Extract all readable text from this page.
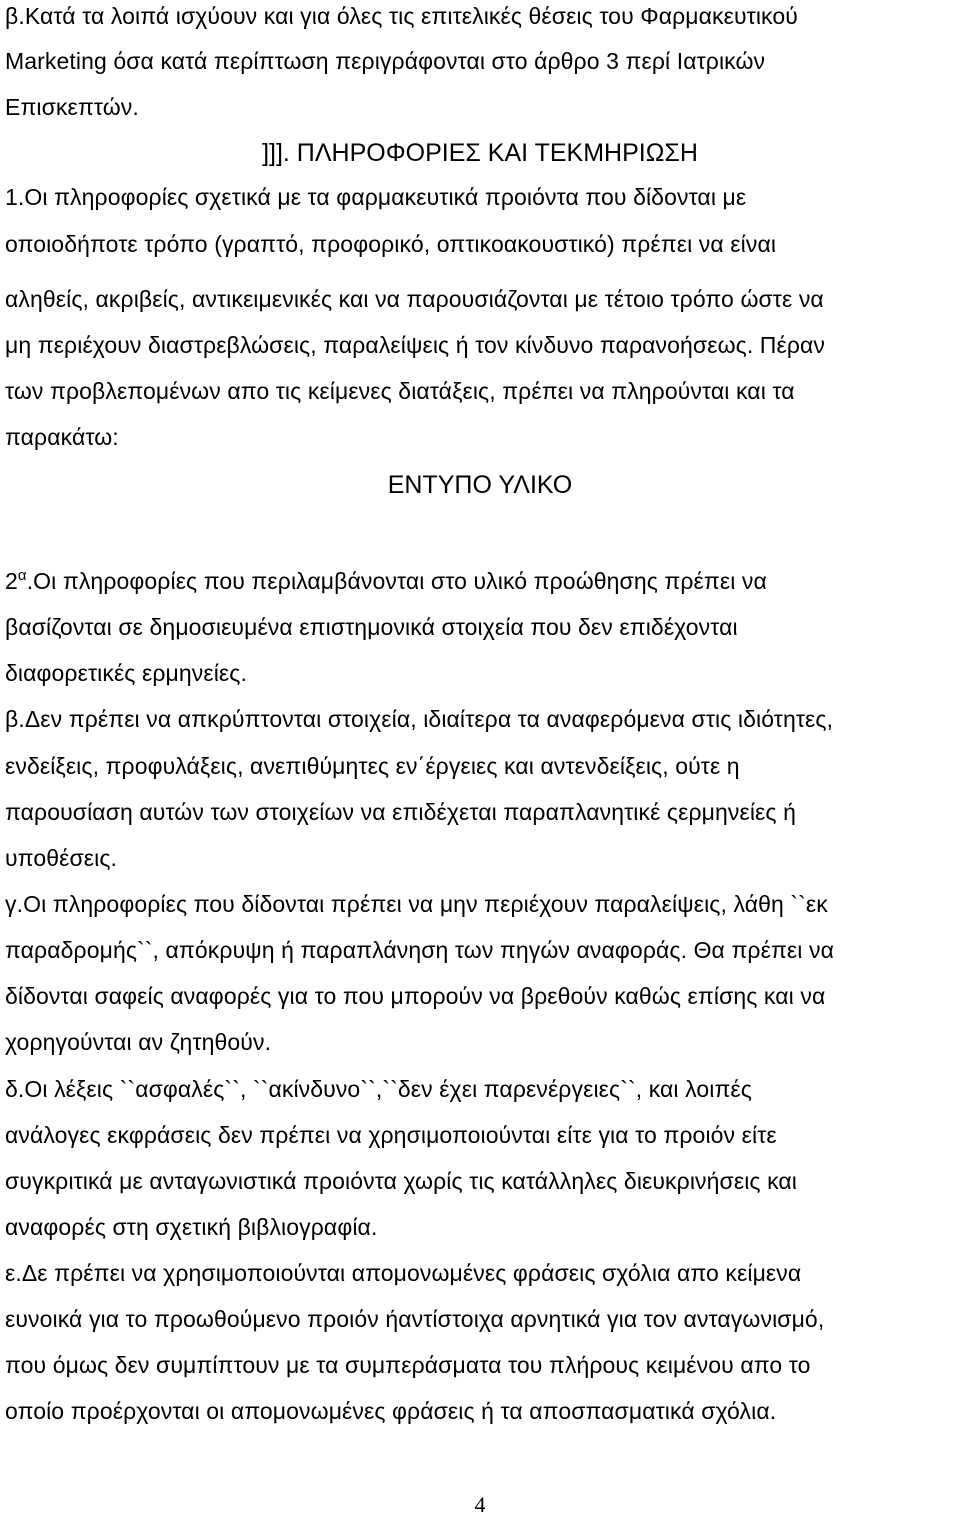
β.Κατά τα λοιπά ισχύουν και για όλες τις επιτελικές θέσεις του Φαρμακευτικού
Marketing όσα κατά περίπτωση περιγράφονται στο άρθρο 3 περί Ιατρικών
Επισκεπτών.
]]]. ΠΛΗΡΟΦΟΡΙΕΣ ΚΑΙ ΤΕΚΜΗΡΙΩΣΗ
1.Οι πληροφορίες σχετικά με τα φαρμακευτικά προιόντα που δίδονται με
οποιοδήποτε τρόπο (γραπτό, προφορικό, οπτικοακουστικό) πρέπει να είναι
αληθείς, ακριβείς, αντικειμενικές και να παρουσιάζονται με τέτοιο τρόπο ώστε να
μη περιέχουν διαστρεβλώσεις, παραλείψεις ή τον κίνδυνο παρανοήσεως. Πέραν
των προβλεπομένων απο τις κείμενες διατάξεις, πρέπει να πληρούνται και τα
παρακάτω:
ΕΝΤΥΠΟ ΥΛΙΚΟ
$2^\alpha.O\iota$ πληροφορίες που περιλαμβάνονται στο υλικό προώθησης πρέπει να
βασίζονται σε δημοσιευμένα επιστημονικά στοιχεία που δεν επιδέχονται
διαφορετικές ερμηνείες.
β.Δεν πρέπει να απκρύπτονται στοιχεία, ιδιαίτερα τα αναφερόμενα στις ιδιότητες,
ενδείξεις, προφυλάξεις, ανεπιθύμητες εν΄έργειες και αντενδείξεις, ούτε η
παρουσίαση αυτών των στοιχείων να επιδέχεται παραπλανητικέ ςερμηνείες ή
υποθέσεις.
γ.Οι πληροφορίες που δίδονται πρέπει να μην περιέχουν παραλείψεις, λάθη ``εκ
παραδρομής``, απόκρυψη ή παραπλάνηση των πηγών αναφοράς. Θα πρέπει να
δίδονται σαφείς αναφορές για το που μπορούν να βρεθούν καθώς επίσης και να
χορηγούνται αν ζητηθούν.
δ.Οι λέξεις ``ασφαλές``, ``ακίνδυνο``,``δεν έχει παρενέργειες``, και λοιπές
ανάλογες εκφράσεις δεν πρέπει να χρησιμοποιούνται είτε για το προιόν είτε
συγκριτικά με ανταγωνιστικά προιόντα χωρίς τις κατάλληλες διευκρινήσεις και
αναφορές στη σχετική βιβλιογραφία.
ε.Δε πρέπει να χρησιμοποιούνται απομονωμένες φράσεις σχόλια απο κείμενα
ευνοικά για το προωθούμενο προιόν ήαντίστοιχα αρνητικά για τον ανταγωνισμό,
που όμως δεν συμπίπτουν με τα συμπεράσματα του πλήρους κειμένου απο το
οποίο προέρχονται οι απομονωμένες φράσεις ή τα αποσπασματικά σχόλια.
4
